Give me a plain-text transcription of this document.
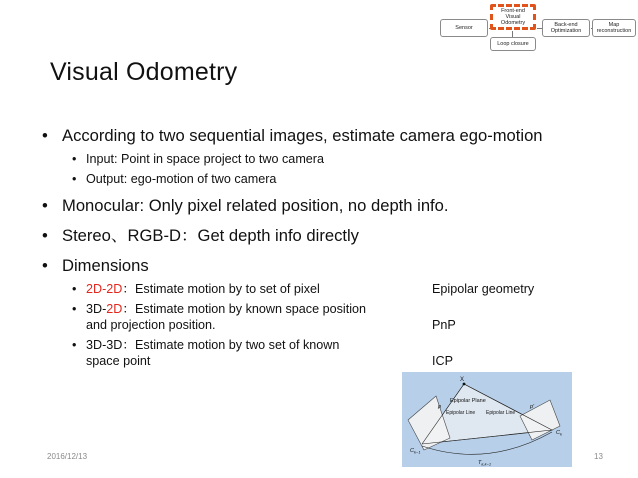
Sensor
Front-end Visual Odometry	Back-end Optimization
Map reconstruction
Loop closure
Visual Odometry
• According to two sequential images, estimate camera ego-motion
• Input: Point in space project to two camera
• Output: ego-motion of two camera
• Monocular: Only pixel related position, no depth info.
• Stereo、RGB-D：Get depth info directly
• Dimensions
• 2D-2D：Estimate motion by to set of pixel	Epipolar geometry
• 3D-2D：Estimate motion by known space position
and projection position.	PnP
• 3D-3D：Estimate motion by two set of known
space point	ICP
X
Epipolar Plane
p	p'
Epipolar Line Epipolar Line
$C_{k-1}$
$C_k$
$T_{k,k-1}$
2016/12/13	13
